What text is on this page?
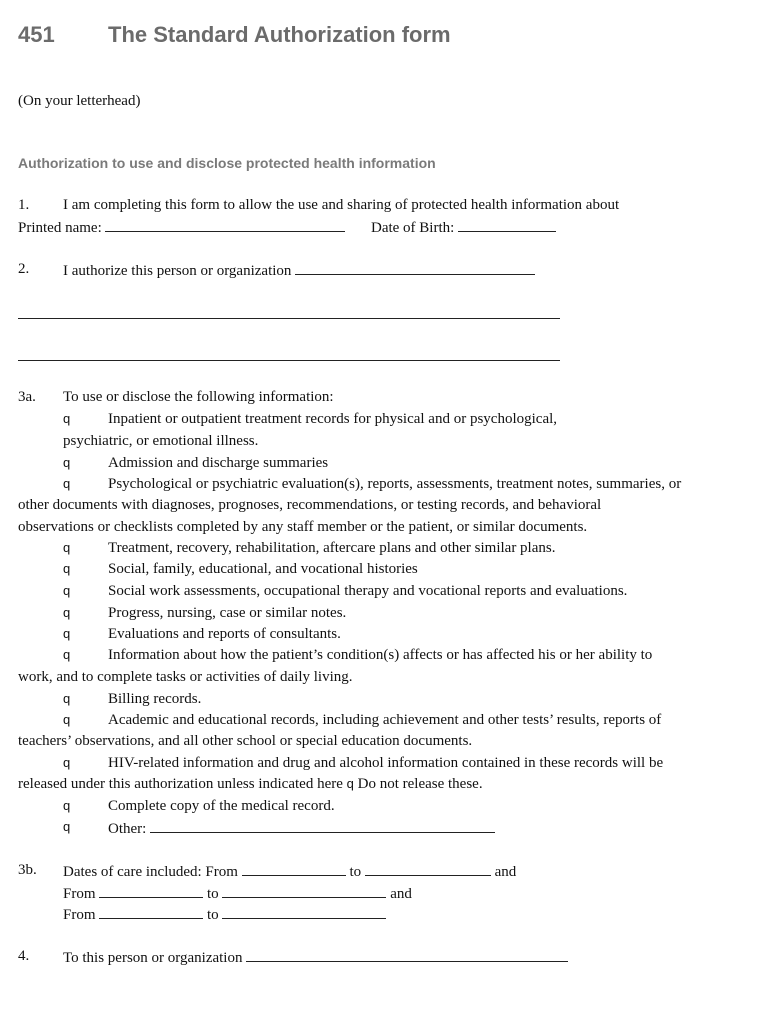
451 The Standard Authorization form
(On your letterhead)
Authorization to use and disclose protected health information
1. I am completing this form to allow the use and sharing of protected health information about
Printed name:	Date of Birth:
2. I authorize this person or organization
3a. To use or disclose the following information:
q	Inpatient or outpatient treatment records for physical and or psychological,
psychiatric, or emotional illness.
q	Admission and discharge summaries
q	Psychological or psychiatric evaluation(s), reports, assessments, treatment notes, summaries, or
other documents with diagnoses, prognoses, recommendations, or testing records, and behavioral
observations or checklists completed by any staff member or the patient, or similar documents.
q	Treatment, recovery, rehabilitation, aftercare plans and other similar plans.
q	Social, family, educational, and vocational histories
q	Social work assessments, occupational therapy and vocational reports and evaluations.
q	Progress, nursing, case or similar notes.
q	Evaluations and reports of consultants.
q	Information about how the patient’s condition(s) affects or has affected his or her ability to
work, and to complete tasks or activities of daily living.
q	Billing records.
q	Academic and educational records, including achievement and other tests’ results, reports of
teachers’ observations, and all other school or special education documents.
q	HIV-related information and drug and alcohol information contained in these records will be
released under this authorization unless indicated here q Do not release these.
q	Complete copy of the medical record.
q	Other:
3b. Dates of care included: From	to	and
From	to	and
From	to
4. To this person or organization
